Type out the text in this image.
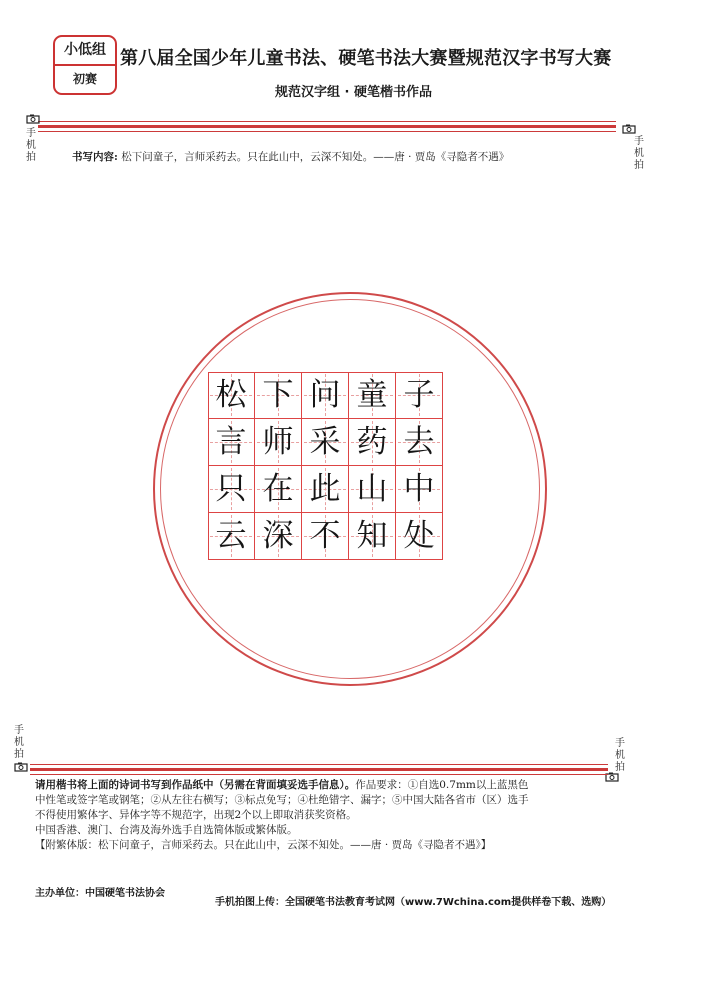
小低组
初赛
第八届全国少年儿童书法、硬笔书法大赛暨规范汉字书写大赛
规范汉字组 · 硬笔楷书作品
手
机
拍
手
机
拍
书写内容: 松下问童子，言师采药去。只在此山中，云深不知处。——唐 · 贾岛《寻隐者不遇》
松 下 问 童 子
言 师 采 药 去
只 在 此 山 中
云 深 不 知 处
手
机
拍
手
机
拍

请用楷书将上面的诗词书写到作品纸中（另需在背面填妥选手信息）。作品要求：①自选0.7mm以上蓝黑色

中性笔或签字笔或钢笔；②从左往右横写；③标点免写；④杜绝错字、漏字；⑤中国大陆各省市（区）选手

不得使用繁体字、异体字等不规范字，出现2个以上即取消获奖资格。

中国香港、澳门、台湾及海外选手自选简体版或繁体版。

【附繁体版：松下问童子，言师采药去。只在此山中，云深不知处。——唐 · 贾岛《寻隐者不遇》】

主办单位：中国硬笔书法协会
手机拍图上传：全国硬笔书法教育考试网（www.7Wchina.com提供样卷下载、选购）
